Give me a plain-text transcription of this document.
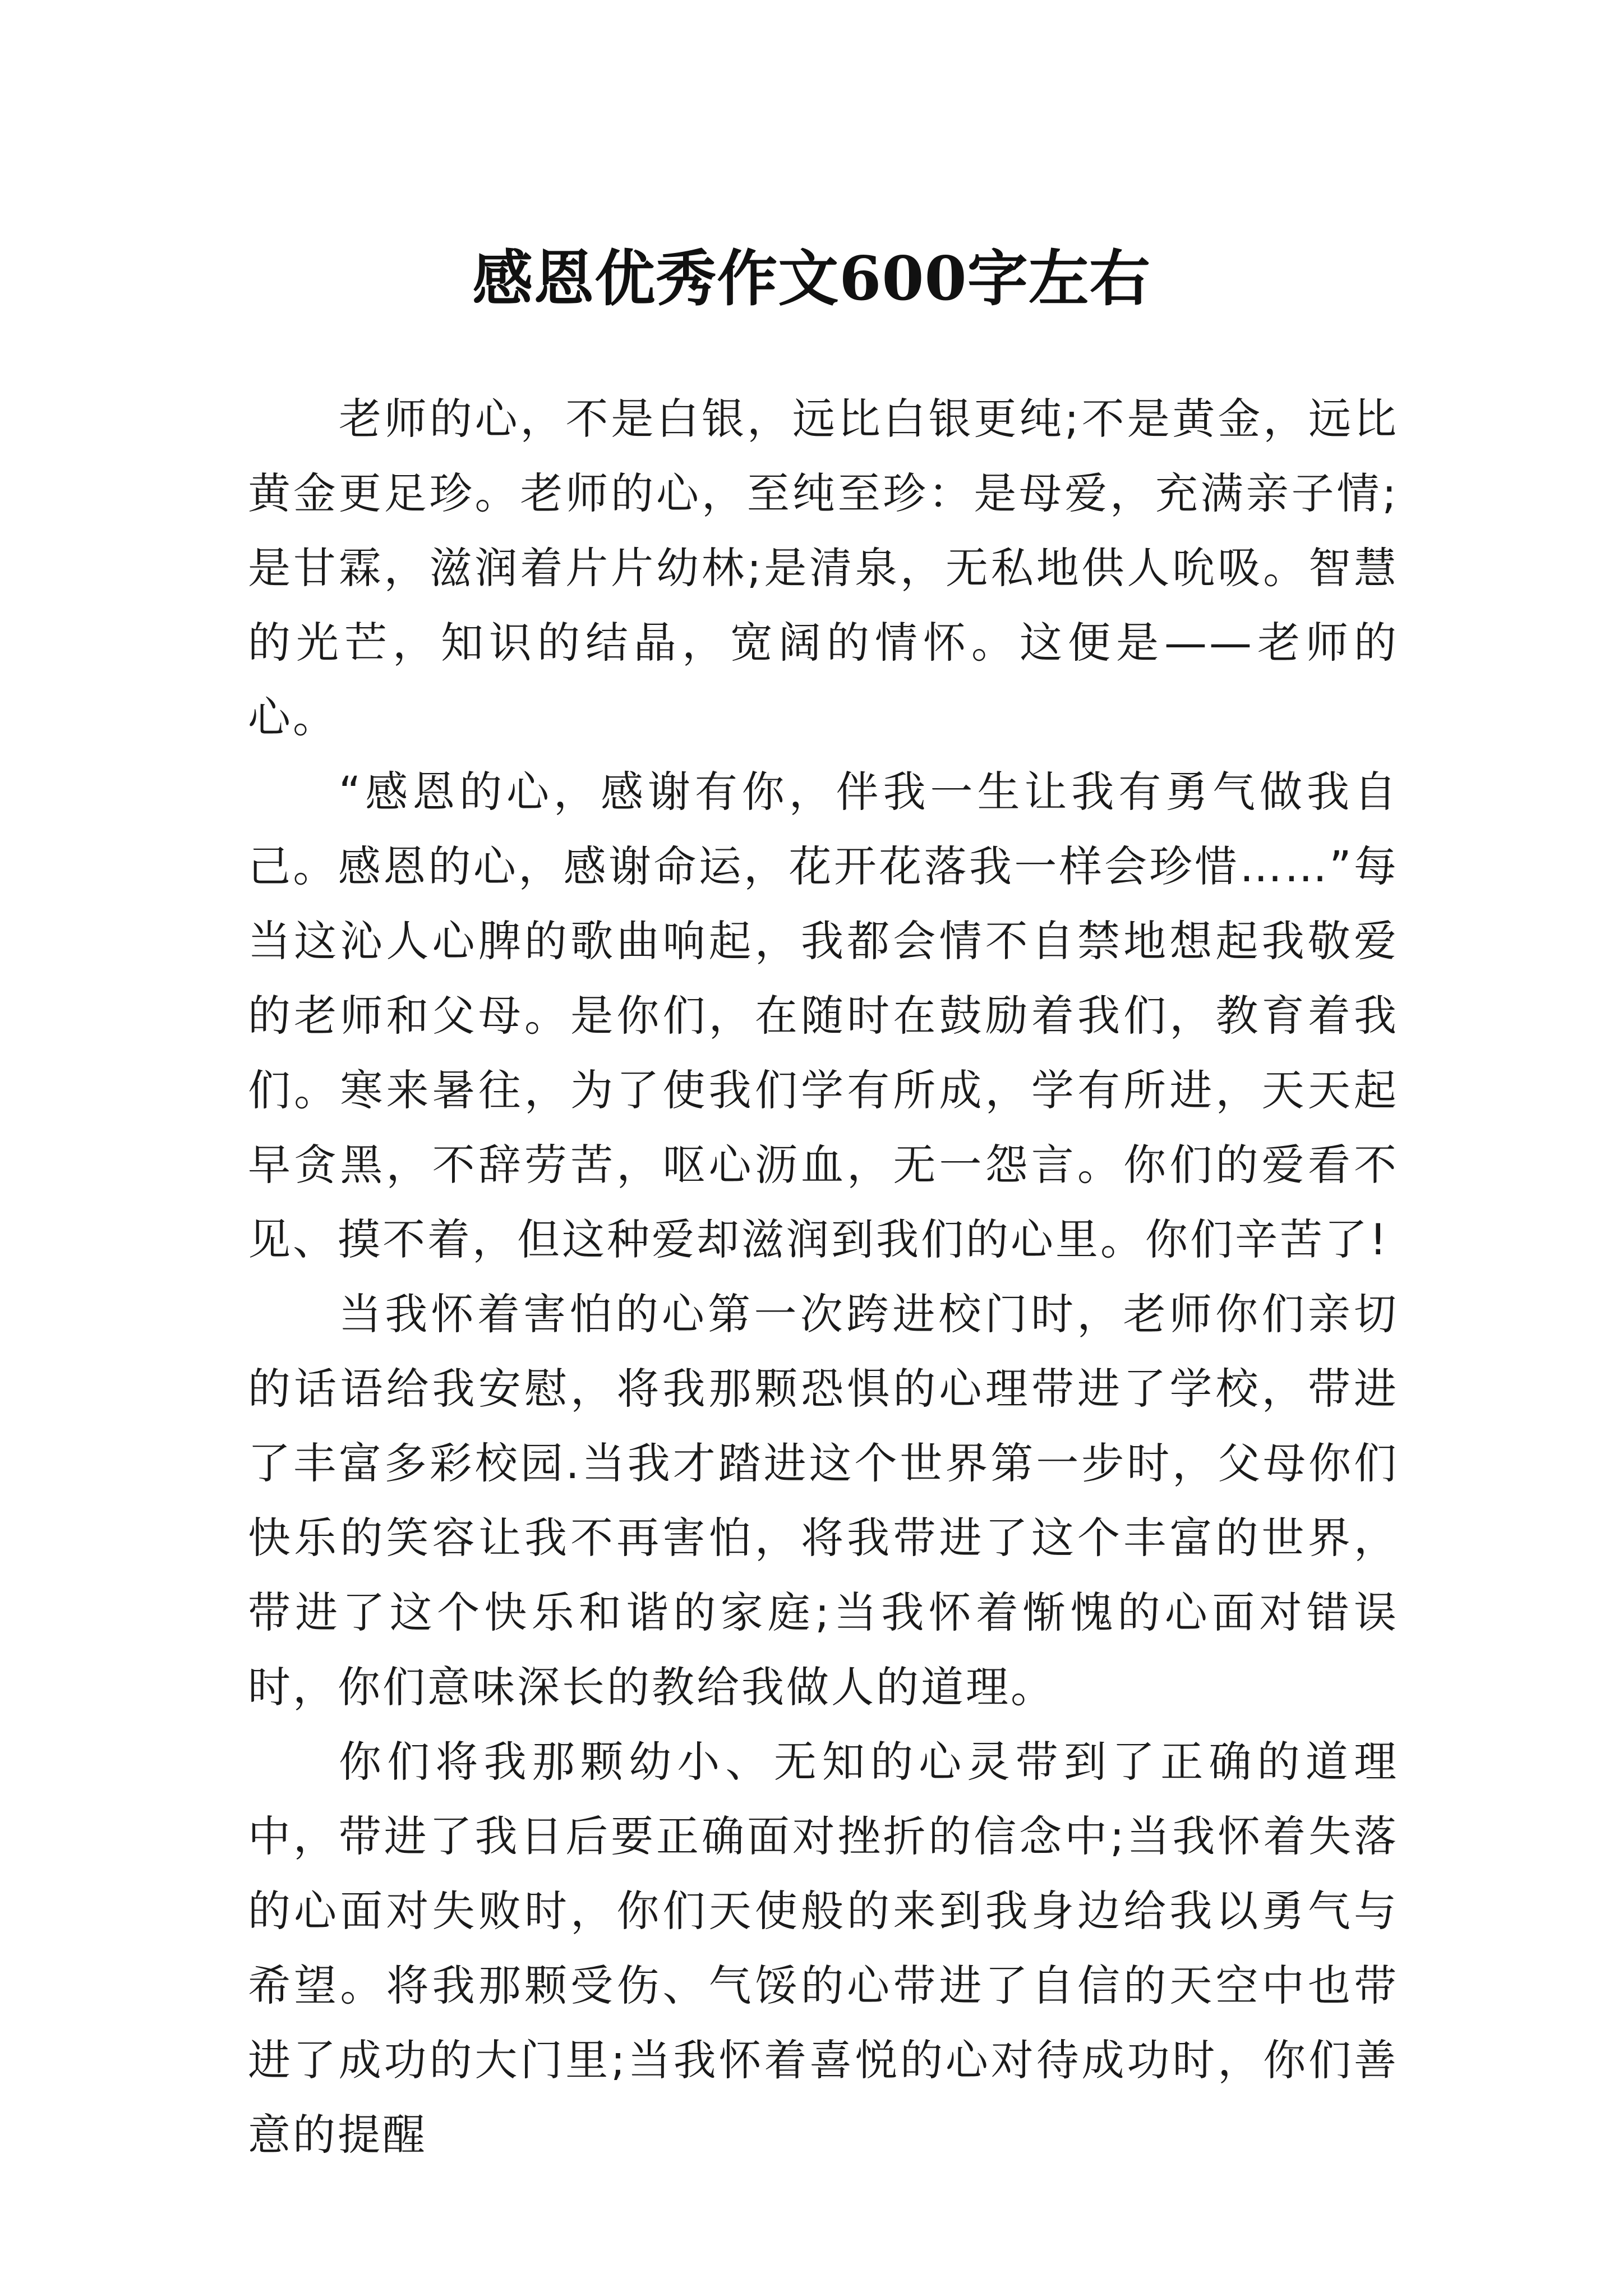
感恩优秀作文600字左右

老师的心，不是白银，远比白银更纯;不是黄金，远比黄金更足珍。老师的心，至纯至珍：是母爱，充满亲子情;是甘霖，滋润着片片幼林;是清泉，无私地供人吮吸。智慧的光芒，知识的结晶，宽阔的情怀。这便是——老师的心。

“感恩的心，感谢有你，伴我一生让我有勇气做我自己。感恩的心，感谢命运，花开花落我一样会珍惜……”每当这沁人心脾的歌曲响起，我都会情不自禁地想起我敬爱的老师和父母。是你们，在随时在鼓励着我们，教育着我们。寒来暑往，为了使我们学有所成，学有所进，天天起早贪黑，不辞劳苦，呕心沥血，无一怨言。你们的爱看不见、摸不着，但这种爱却滋润到我们的心里。你们辛苦了!

当我怀着害怕的心第一次跨进校门时，老师你们亲切的话语给我安慰，将我那颗恐惧的心理带进了学校，带进了丰富多彩校园.当我才踏进这个世界第一步时，父母你们快乐的笑容让我不再害怕，将我带进了这个丰富的世界，带进了这个快乐和谐的家庭;当我怀着惭愧的心面对错误时，你们意味深长的教给我做人的道理。

你们将我那颗幼小、无知的心灵带到了正确的道理中，带进了我日后要正确面对挫折的信念中;当我怀着失落的心面对失败时，你们天使般的来到我身边给我以勇气与希望。将我那颗受伤、气馁的心带进了自信的天空中也带进了成功的大门里;当我怀着喜悦的心对待成功时，你们善意的提醒
